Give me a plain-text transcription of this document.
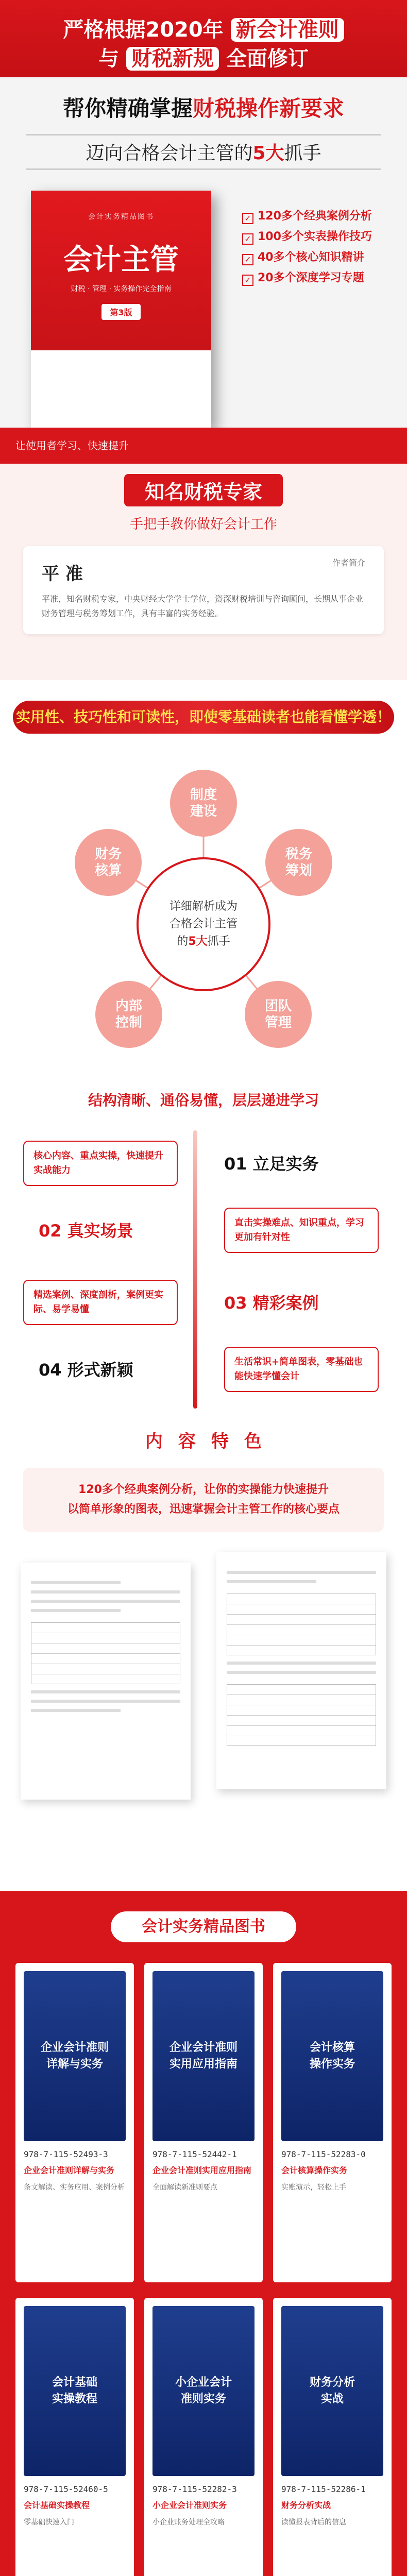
严格根据2020年 新会计准则
与 财税新规 全面修订
帮你精确掌握财税操作新要求
迈向合格会计主管的5大抓手
会计实务精品图书
会计主管
财税 · 管理 · 实务操作完全指南
第3版
✓ 120多个经典案例分析
✓ 100多个实表操作技巧
✓ 40多个核心知识精讲
✓ 20多个深度学习专题
让使用者学习、快速提升
知名财税专家
手把手教你做好会计工作
平 准
作者简介
平准，知名财税专家，中央财经大学学士学位，资深财税培训与咨询顾问，长期从事企业财务管理与税务筹划工作，具有丰富的实务经验。
实用性、技巧性和可读性，即使零基础读者也能看懂学透！
详细解析成为
合格会计主管
的5大抓手
制度
建设
财务
核算
税务
筹划
内部
控制
团队
管理
结构清晰、通俗易懂，层层递进学习
核心内容、重点实操，快速提升实战能力	01 立足实务
02 真实场景	直击实操难点、知识重点，学习更加有针对性
精选案例、深度剖析，案例更实际、易学易懂	03 精彩案例
04 形式新颖	生活常识+简单图表，零基础也能快速学懂会计
内容特色
120多个经典案例分析，让你的实操能力快速提升
以简单形象的图表，迅速掌握会计主管工作的核心要点
会计实务精品图书
企业会计准则
详解与实务
978-7-115-52493-3
企业会计准则详解与实务
条文解读、实务应用、案例分析
企业会计准则
实用应用指南
978-7-115-52442-1
企业会计准则实用应用指南
全面解读新准则要点
会计核算
操作实务
978-7-115-52283-0
会计核算操作实务
实账演示，轻松上手
会计基础
实操教程
978-7-115-52460-5
会计基础实操教程
零基础快速入门
小企业会计
准则实务
978-7-115-52282-3
小企业会计准则实务
小企业账务处理全攻略
财务分析
实战
978-7-115-52286-1
财务分析实战
读懂报表背后的信息
